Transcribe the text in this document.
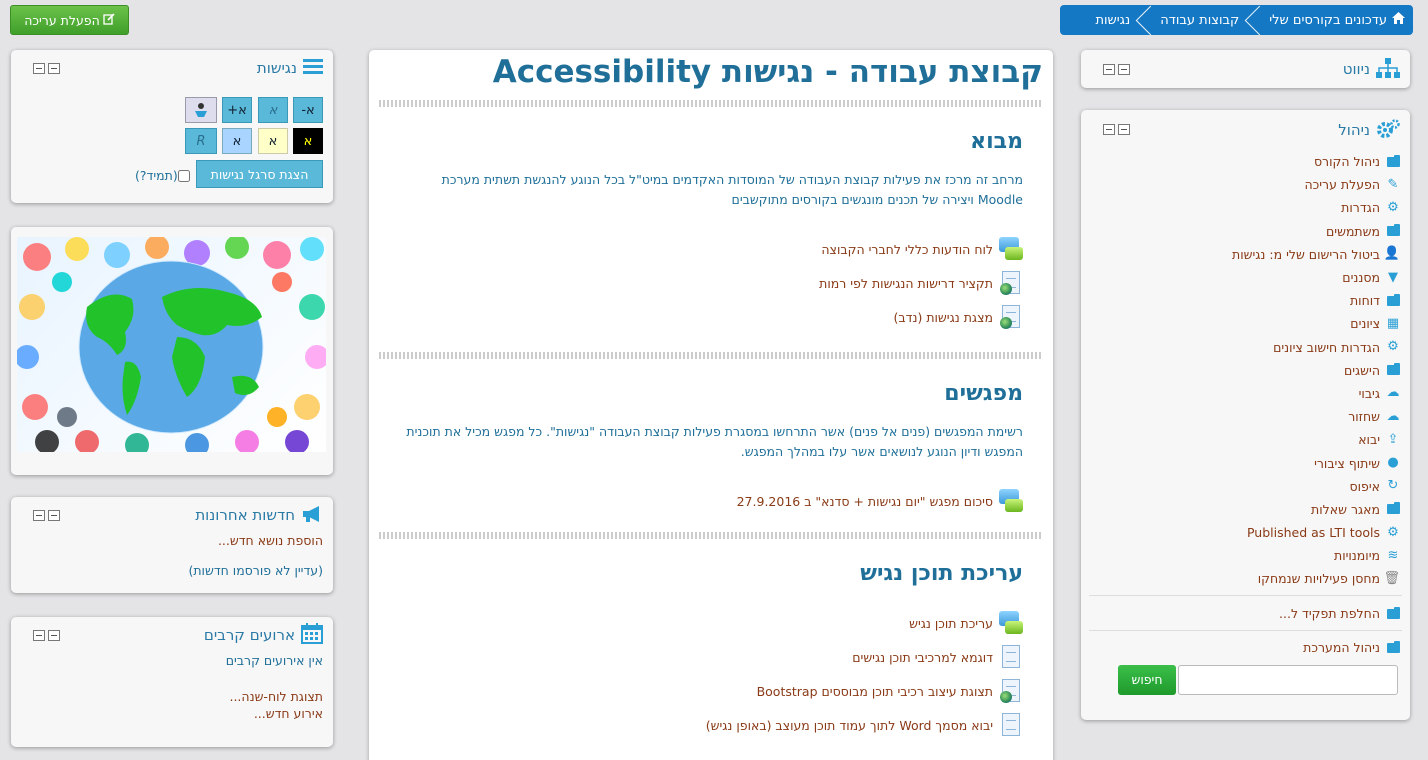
עדכונים בקורסים שלי
קבוצות עבודה
נגישות
הפעלת עריכה
נגישות
א+ א א-
א
א
א
R
הצגת סרגל נגישות
(תמיד?)
חדשות אחרונות
הוספת נושא חדש...
(עדיין לא פורסמו חדשות)
ארועים קרבים
אין אירועים קרבים
תצוגת לוח-שנה...
אירוע חדש...
קבוצת עבודה - נגישות Accessibility
מבוא
מרחב זה מרכז את פעילות קבוצת העבודה של המוסדות האקדמים במיט"ל בכל הנוגע להנגשת תשתית מערכת Moodle ויצירה של תכנים מונגשים בקורסים מתוקשבים
לוח הודעות כללי לחברי הקבוצה
תקציר דרישות הנגישות לפי רמות
מצגת נגישות (נדב)
מפגשים
רשימת המפגשים (פנים אל פנים) אשר התרחשו במסגרת פעילות קבוצת העבודה "נגישות". כל מפגש מכיל את תוכנית המפגש ודיון הנוגע לנושאים אשר עלו במהלך המפגש.
סיכום מפגש "יום נגישות + סדנא" ב 27.9.2016
עריכת תוכן נגיש
עריכת תוכן נגיש
דוגמא למרכיבי תוכן נגישים
תצוגת עיצוב רכיבי תוכן מבוססים Bootstrap
יבוא מסמך Word לתוך עמוד תוכן מעוצב (באופן נגיש)
ניווט
ניהול
ניהול הקורס
✎
הפעלת עריכה
⚙
הגדרות
משתמשים
👤
ביטול הרישום שלי מ: נגישות
▼
מסננים
דוחות
▦
ציונים
⚙
הגדרות חישוב ציונים
הישגים
☁
גיבוי
☁
שחזור
⇪
יבוא
●
שיתוף ציבורי
↻
איפוס
מאגר שאלות
⚙
Published as LTI tools
≋
מיומנויות
🗑
מחסן פעילויות שנמחקו
החלפת תפקיד ל...
ניהול המערכת
חיפוש
